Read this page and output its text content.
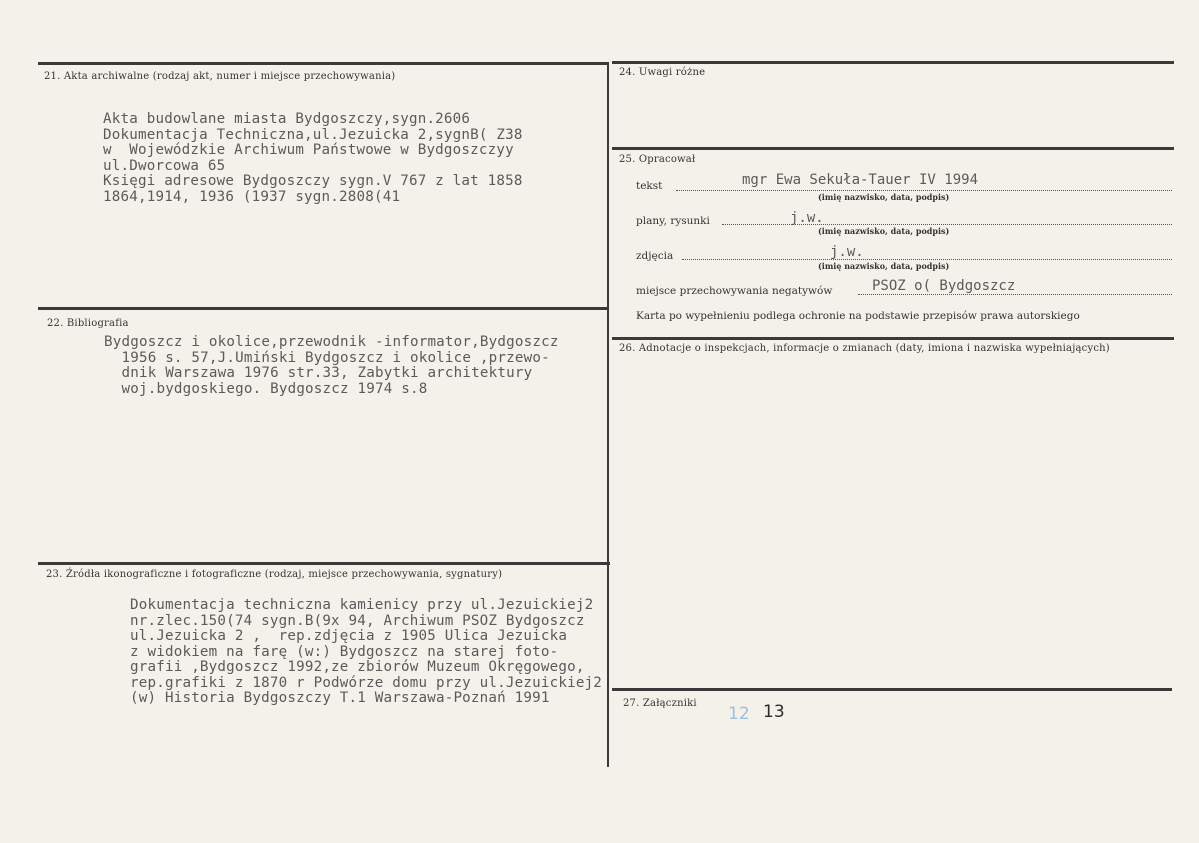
21. Akta archiwalne (rodzaj akt, numer i miejsce przechowywania)
Akta budowlane miasta Bydgoszczy,sygn.2606
Dokumentacja Techniczna,ul.Jezuicka 2,sygnB( Z38
w  Wojewódzkie Archiwum Państwowe w Bydgoszczyy
ul.Dworcowa 65
Księgi adresowe Bydgoszczy sygn.V 767 z lat 1858
1864,1914, 1936 (1937 sygn.2808(41
22. Bibliografia
Bydgoszcz i okolice,przewodnik -informator,Bydgoszcz
1956 s. 57,J.Umiński Bydgoszcz i okolice ,przewo-
dnik Warszawa 1976 str.33, Zabytki architektury
woj.bydgoskiego. Bydgoszcz 1974 s.8
23. Źródła ikonograficzne i fotograficzne (rodzaj, miejsce przechowywania, sygnatury)
Dokumentacja techniczna kamienicy przy ul.Jezuickiej2
nr.zlec.150(74 sygn.B(9x 94, Archiwum PSOZ Bydgoszcz
ul.Jezuicka 2 ,  rep.zdjęcia z 1905 Ulica Jezuicka
z widokiem na farę (w:) Bydgoszcz na starej foto-
grafii ,Bydgoszcz 1992,ze zbiorów Muzeum Okręgowego,
rep.grafiki z 1870 r Podwórze domu przy ul.Jezuickiej2
(w) Historia Bydgoszczy T.1 Warszawa-Poznań 1991
24. Uwagi różne
25. Opracował
tekst	mgr Ewa Sekuła-Tauer IV 1994
(imię nazwisko, data, podpis)
plany, rysunki	j.w.
(imię nazwisko, data, podpis)
zdjęcia	j.w.
(imię nazwisko, data, podpis)
miejsce przechowywania negatywów	PSOZ o( Bydgoszcz
Karta po wypełnieniu podlega ochronie na podstawie przepisów prawa autorskiego
26. Adnotacje o inspekcjach, informacje o zmianach (daty, imiona i nazwiska wypełniających)
27. Załączniki
12 13
